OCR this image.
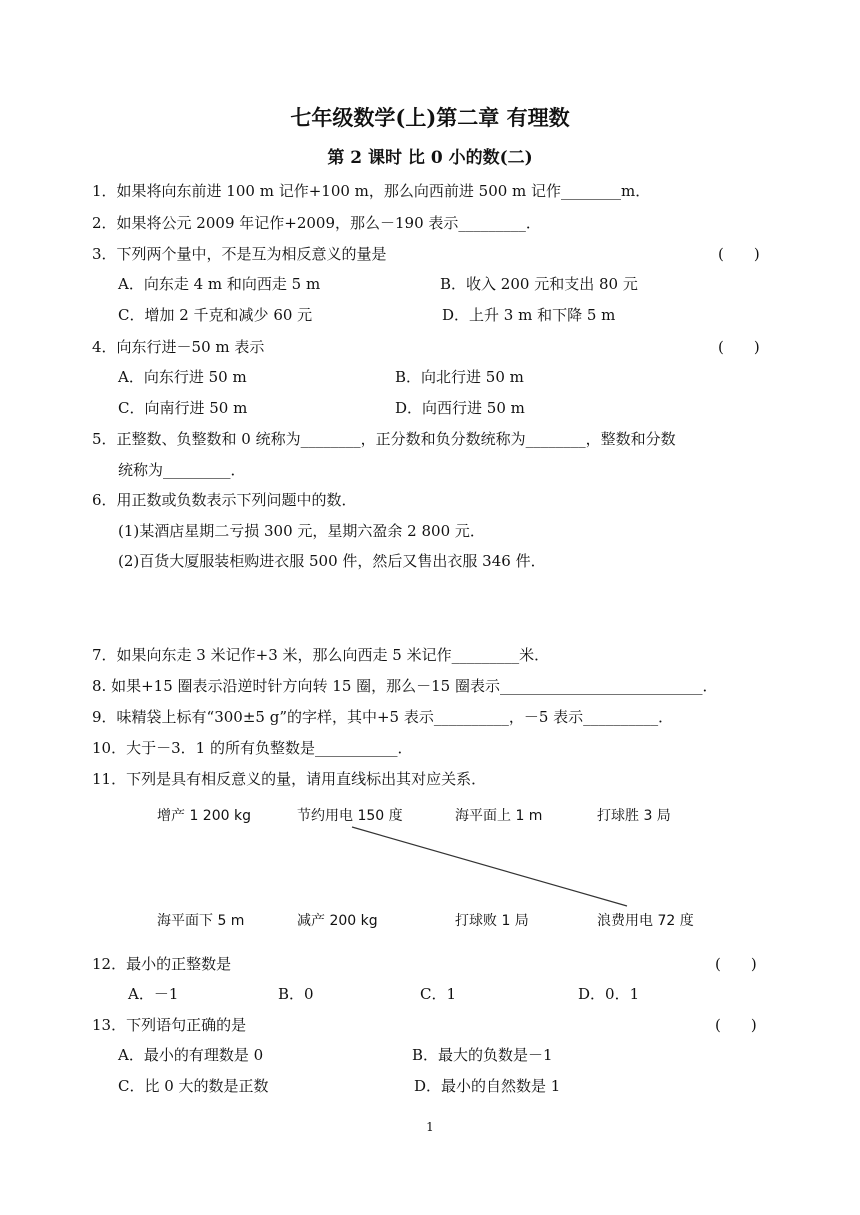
七年级数学(上)第二章 有理数
第 2 课时 比 0 小的数(二)
1．如果将向东前进 100 m 记作+100 m，那么向西前进 500 m 记作________m．
2．如果将公元 2009 年记作+2009，那么－190 表示_________．
3．下列两个量中，不是互为相反意义的量是	(　　)
A．向东走 4 m 和向西走 5 m	B．收入 200 元和支出 80 元
C．增加 2 千克和减少 60 元	D．上升 3 m 和下降 5 m
4．向东行进－50 m 表示	(　　)
A．向东行进 50 m	B．向北行进 50 m
C．向南行进 50 m	D．向西行进 50 m
5．正整数、负整数和 0 统称为________，正分数和负分数统称为________，整数和分数
统称为_________．
6．用正数或负数表示下列问题中的数．
(1)某酒店星期二亏损 300 元，星期六盈余 2 800 元．
(2)百货大厦服装柜购进衣服 500 件，然后又售出衣服 346 件．
7．如果向东走 3 米记作+3 米，那么向西走 5 米记作_________米．
8. 如果+15 圈表示沿逆时针方向转 15 圈，那么－15 圈表示___________________________．
9．味精袋上标有“300±5 g”的字样，其中+5 表示__________，－5 表示__________．
10．大于－3．1 的所有负整数是___________．
11．下列是具有相反意义的量，请用直线标出其对应关系．
增产 1 200 kg	节约用电 150 度	海平面上 1 m	打球胜 3 局
海平面下 5 m	减产 200 kg	打球败 1 局	浪费用电 72 度
12．最小的正整数是	(　　)
A．－1	B．0	C．1	D．0．1
13．下列语句正确的是	(　　)
A．最小的有理数是 0	B．最大的负数是－1
C．比 0 大的数是正数	D．最小的自然数是 1
1
